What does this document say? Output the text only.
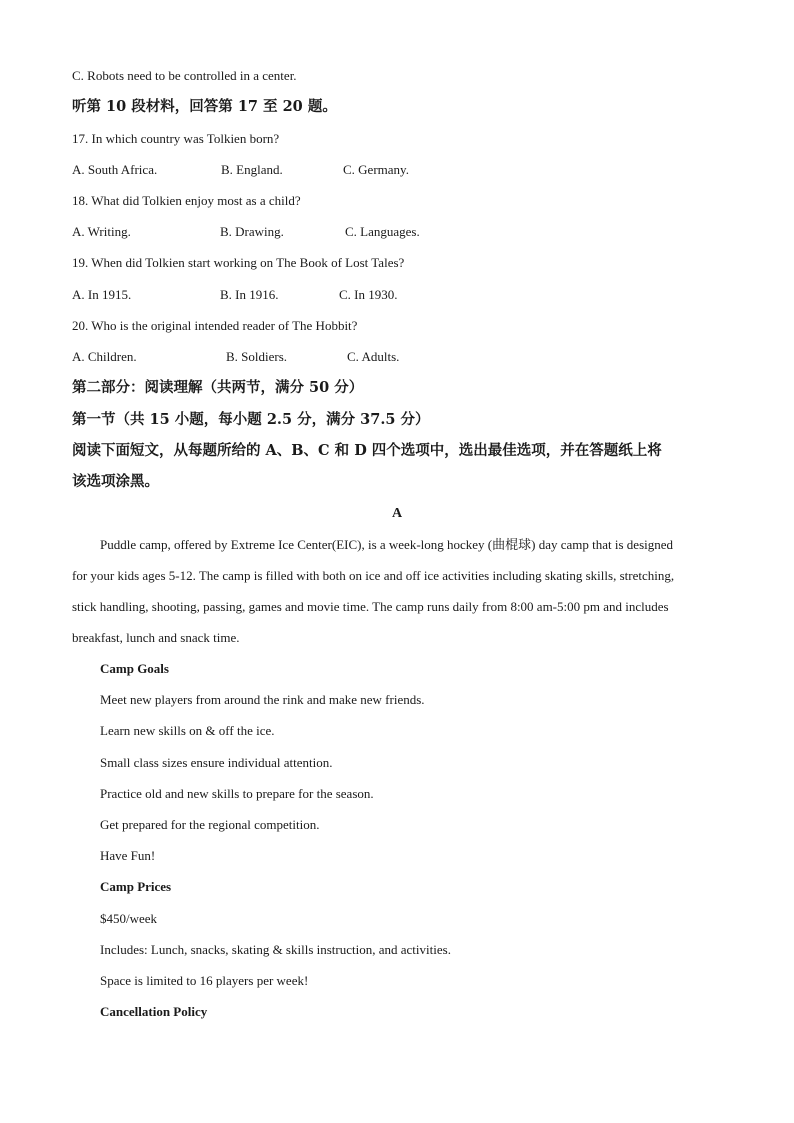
C. Robots need to be controlled in a center.
听第 10 段材料，回答第 17 至 20 题。
17. In which country was Tolkien born?
A. South Africa.	B. England.	C. Germany.
18. What did Tolkien enjoy most as a child?
A. Writing.	B. Drawing.	C. Languages.
19. When did Tolkien start working on The Book of Lost Tales?
A. In 1915.	B. In 1916.	C. In 1930.
20. Who is the original intended reader of The Hobbit?
A. Children.	B. Soldiers.	C. Adults.
第二部分：阅读理解（共两节，满分 50 分）
第一节（共 15 小题，每小题 2.5 分，满分 37.5 分）
阅读下面短文，从每题所给的 A、B、C 和 D 四个选项中，选出最佳选项，并在答题纸上将
该选项涂黑。
A
Puddle camp, offered by Extreme Ice Center(EIC), is a week-long hockey (曲棍球) day camp that is designed
for your kids ages 5-12. The camp is filled with both on ice and off ice activities including skating skills, stretching,
stick handling, shooting, passing, games and movie time. The camp runs daily from 8:00 am-5:00 pm and includes
breakfast, lunch and snack time.
Camp Goals
Meet new players from around the rink and make new friends.
Learn new skills on & off the ice.
Small class sizes ensure individual attention.
Practice old and new skills to prepare for the season.
Get prepared for the regional competition.
Have Fun!
Camp Prices
$450/week
Includes: Lunch, snacks, skating & skills instruction, and activities.
Space is limited to 16 players per week!
Cancellation Policy
